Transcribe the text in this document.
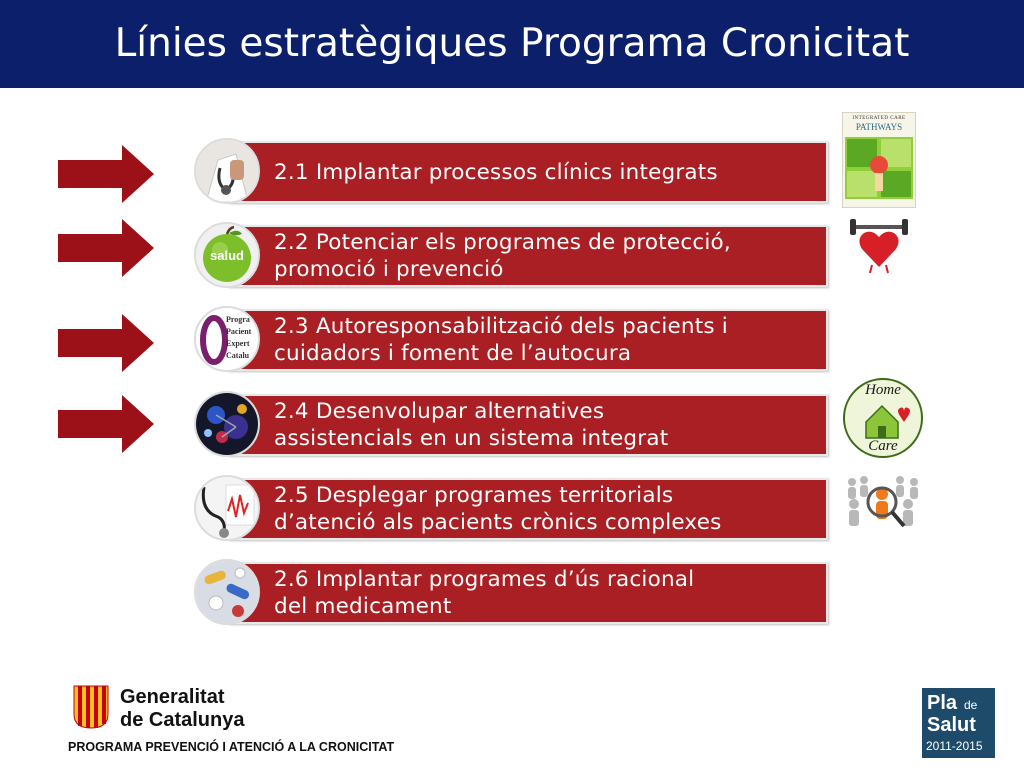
Línies estratègiques Programa Cronicitat
2.1 Implantar processos clínics integrats
2.2 Potenciar els programes de protecció,
promoció i prevenció
salud
2.3 Autoresponsabilització dels pacients i
cuidadors i foment de l’autocura
Progra Pacient Expert Catalu
2.4 Desenvolupar alternatives
assistencials en un sistema integrat
2.5 Desplegar programes territorials
d’atenció als pacients crònics complexes
2.6 Implantar programes d’ús racional
del medicament
INTEGRATED CARE
PATHWAYS
Home
Care
Generalitat
de Catalunya
PROGRAMA PREVENCIÓ I ATENCIÓ A LA CRONICITAT
Pla de
Salut
2011-2015
